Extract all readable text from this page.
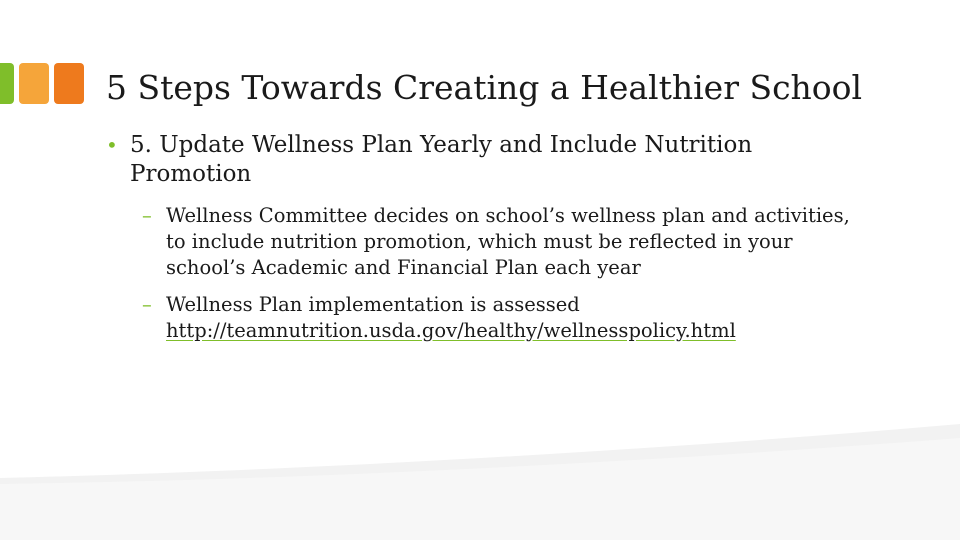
5 Steps Towards Creating a Healthier School
• 5. Update Wellness Plan Yearly and Include Nutrition Promotion
– Wellness Committee decides on school’s wellness plan and activities, to include nutrition promotion, which must be reflected in your school’s Academic and Financial Plan each year
– Wellness Plan implementation is assessed
http://teamnutrition.usda.gov/healthy/wellnesspolicy.html
